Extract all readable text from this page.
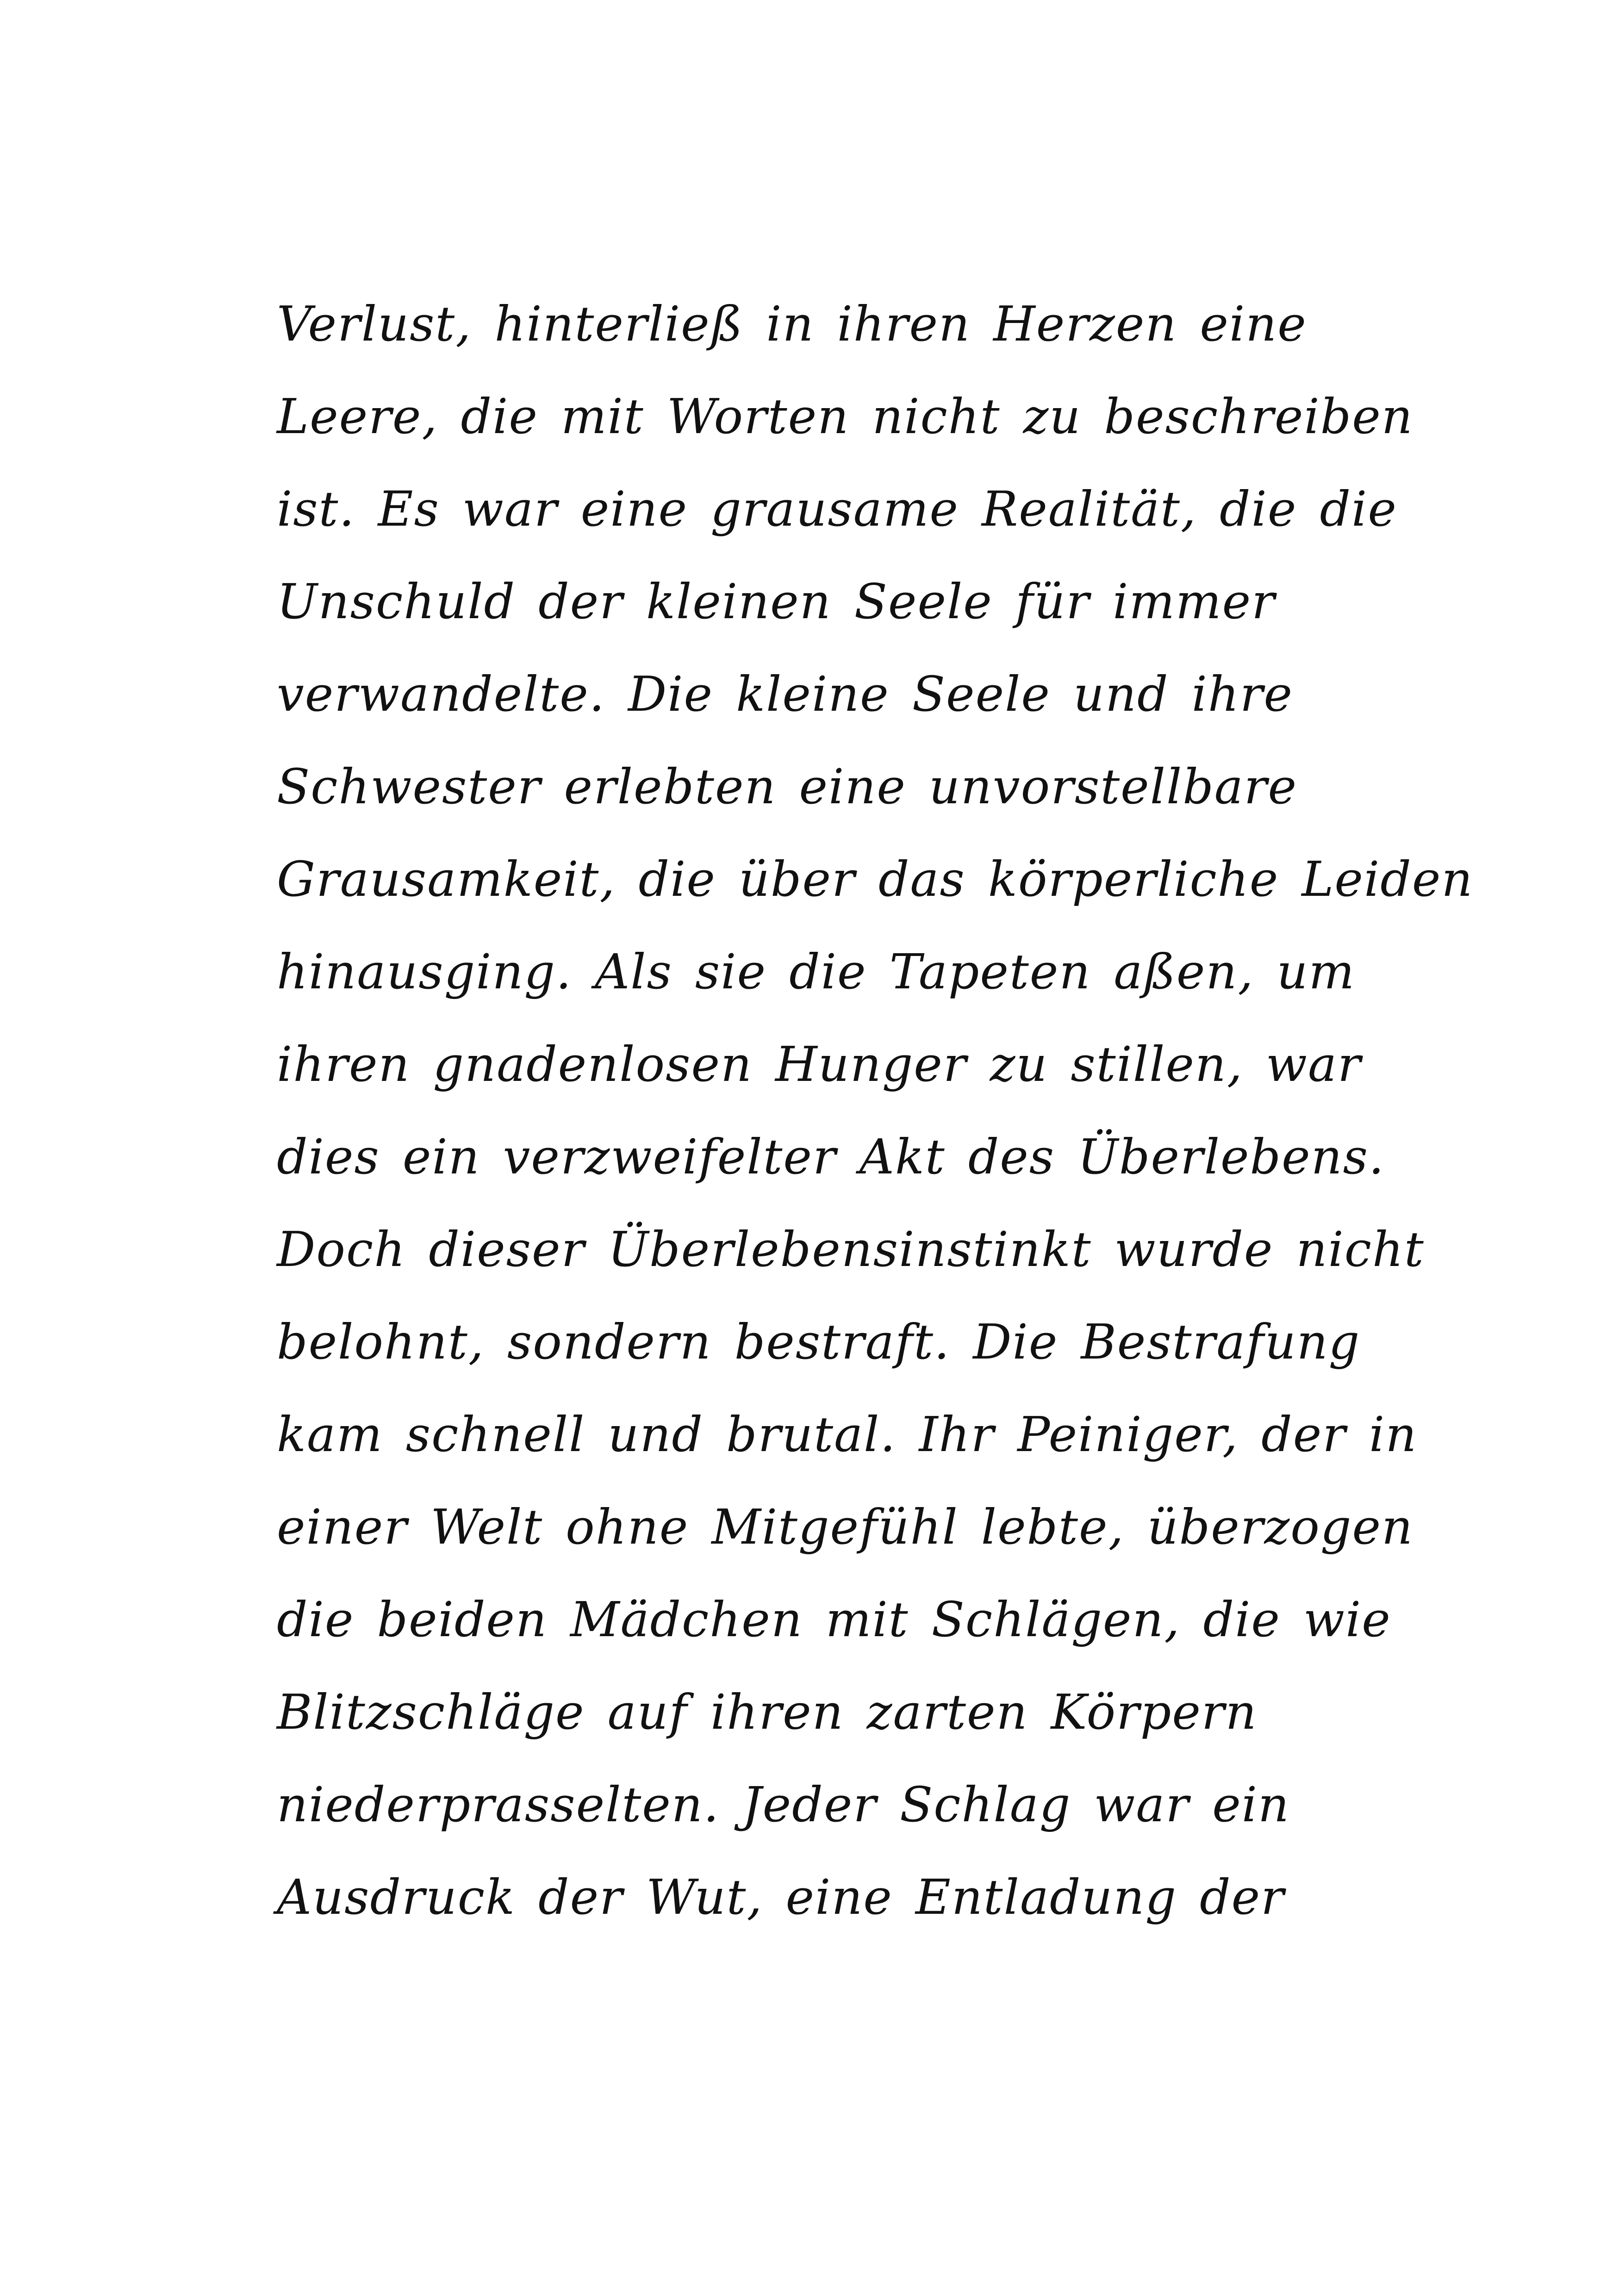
Verlust, hinterließ in ihren Herzen eine
Leere, die mit Worten nicht zu beschreiben
ist. Es war eine grausame Realität, die die
Unschuld der kleinen Seele für immer
verwandelte. Die kleine Seele und ihre
Schwester erlebten eine unvorstellbare
Grausamkeit, die über das körperliche Leiden
hinausging. Als sie die Tapeten aßen, um
ihren gnadenlosen Hunger zu stillen, war
dies ein verzweifelter Akt des Überlebens.
Doch dieser Überlebensinstinkt wurde nicht
belohnt, sondern bestraft. Die Bestrafung
kam schnell und brutal. Ihr Peiniger, der in
einer Welt ohne Mitgefühl lebte, überzogen
die beiden Mädchen mit Schlägen, die wie
Blitzschläge auf ihren zarten Körpern
niederprasselten. Jeder Schlag war ein
Ausdruck der Wut, eine Entladung der
